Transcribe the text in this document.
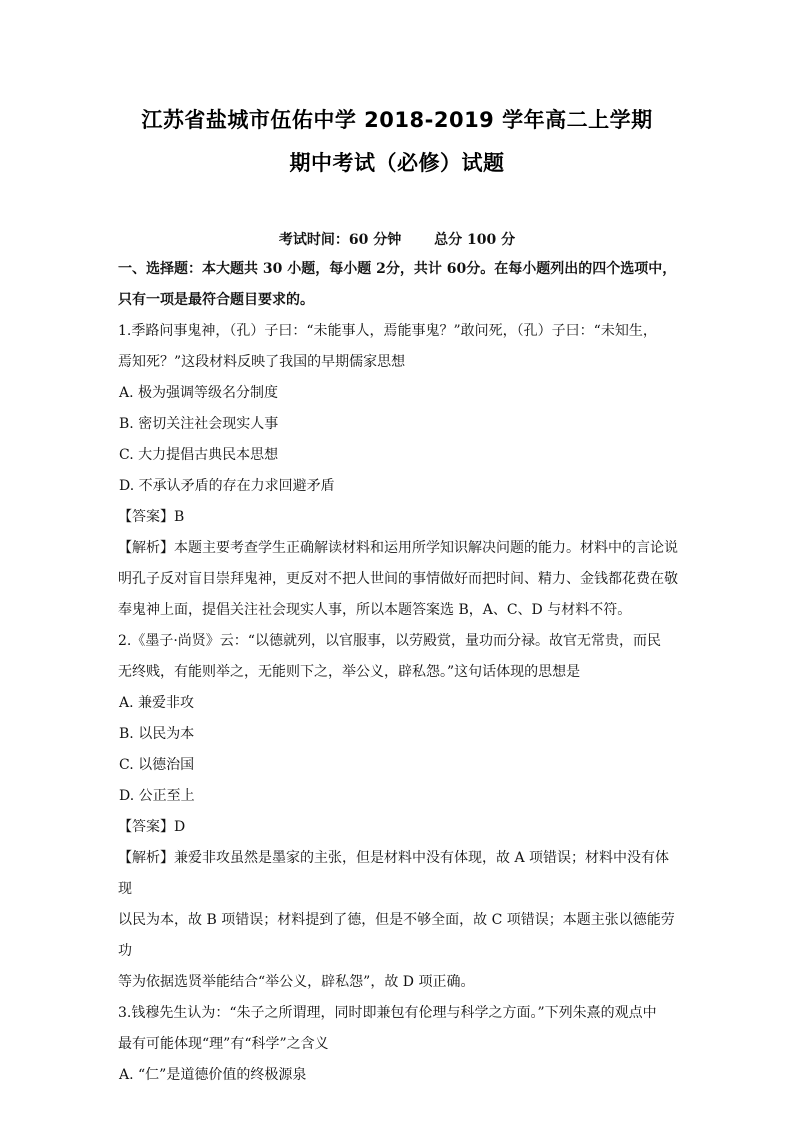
江苏省盐城市伍佑中学 2018-2019 学年高二上学期
期中考试（必修）试题
考试时间：60 分钟 总分 100 分

一、选择题：本大题共 30 小题，每小题 2分，共计 60分。在每小题列出的四个选项中，

只有一项是最符合题目要求的。

1.季路问事鬼神，（孔）子曰：“未能事人，焉能事鬼？”敢问死，（孔）子曰：“未知生，

焉知死？”这段材料反映了我国的早期儒家思想

A. 极为强调等级名分制度

B. 密切关注社会现实人事

C. 大力提倡古典民本思想

D. 不承认矛盾的存在力求回避矛盾

【答案】B

【解析】本题主要考查学生正确解读材料和运用所学知识解决问题的能力。材料中的言论说

明孔子反对盲目崇拜鬼神，更反对不把人世间的事情做好而把时间、精力、金钱都花费在敬

奉鬼神上面，提倡关注社会现实人事，所以本题答案选 B，A、C、D 与材料不符。

2.《墨子·尚贤》云：“以德就列，以官服事，以劳殿赏，量功而分禄。故官无常贵，而民

无终贱，有能则举之，无能则下之，举公义，辟私怨。”这句话体现的思想是

A. 兼爱非攻

B. 以民为本

C. 以德治国

D. 公正至上

【答案】D

【解析】兼爱非攻虽然是墨家的主张，但是材料中没有体现，故 A 项错误；材料中没有体现

以民为本，故 B 项错误；材料提到了德，但是不够全面，故 C 项错误；本题主张以德能劳功

等为依据选贤举能结合“举公义，辟私怨”，故 D 项正确。

3.钱穆先生认为：“朱子之所谓理，同时即兼包有伦理与科学之方面。”下列朱熹的观点中

最有可能体现“理”有“科学”之含义

A. “仁”是道德价值的终极源泉
